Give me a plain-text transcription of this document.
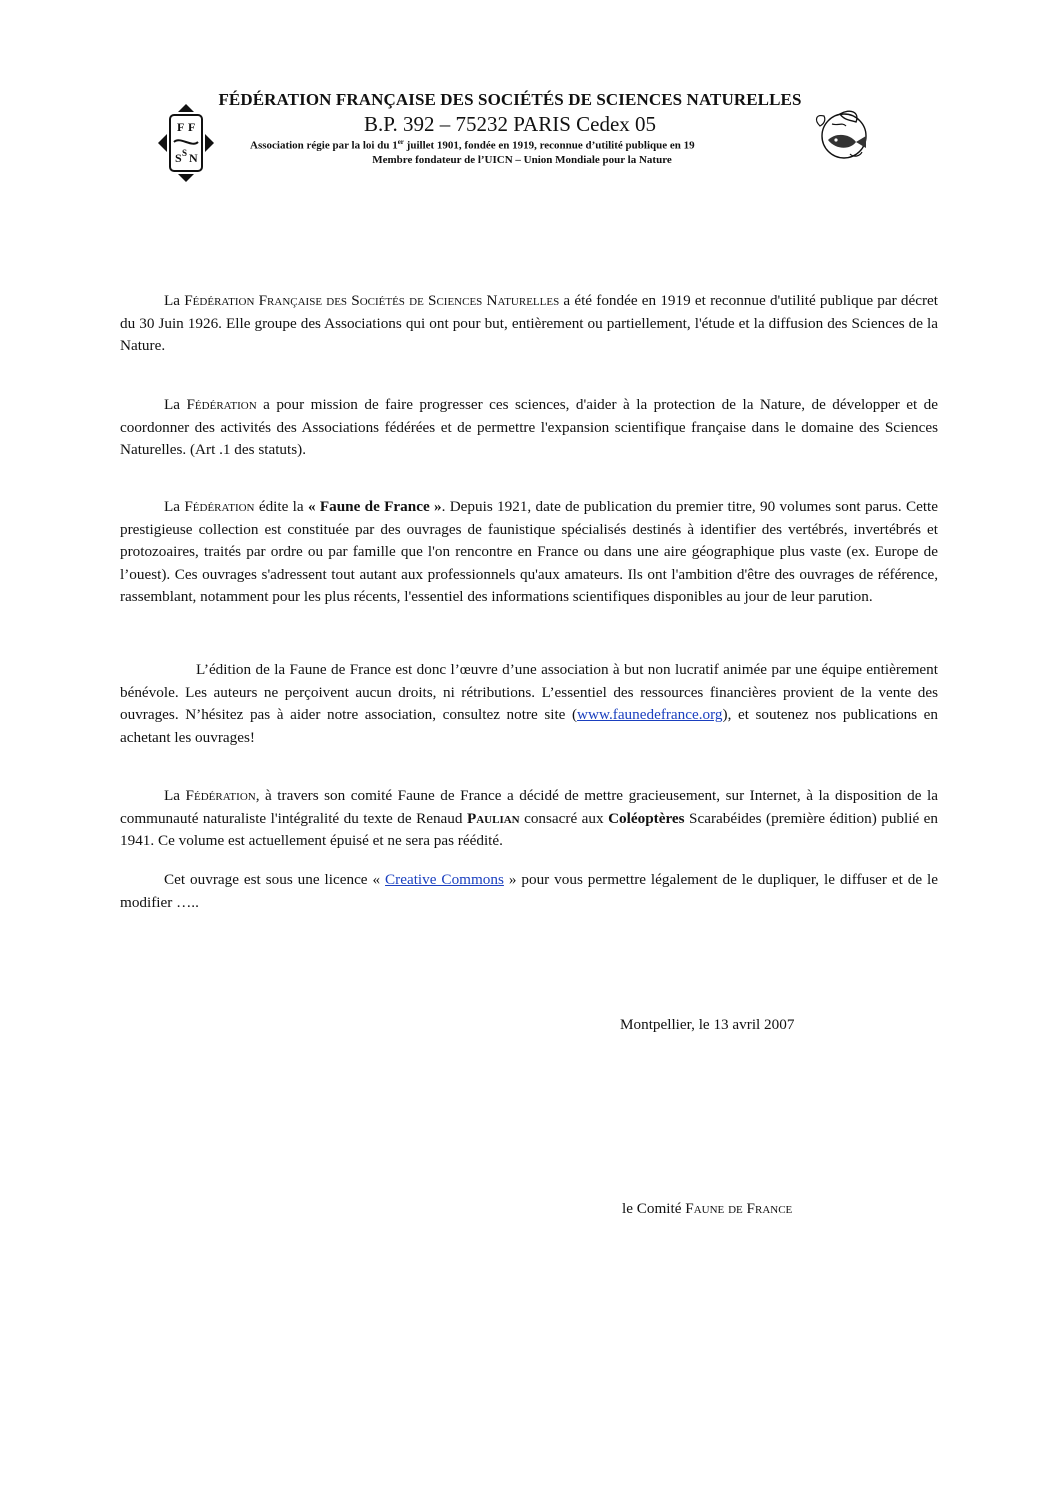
F F
S S N
FÉDÉRATION FRANÇAISE DES SOCIÉTÉS DE SCIENCES NATURELLES
B.P. 392 – 75232 PARIS Cedex 05
Association régie par la loi du 1er juillet 1901, fondée en 1919, reconnue d’utilité publique en 19
Membre fondateur de l’UICN – Union Mondiale pour la Nature

La Fédération Française des Sociétés de Sciences Naturelles a été fondée en 1919 et reconnue d'utilité publique par décret du 30 Juin 1926. Elle groupe des Associations qui ont pour but, entièrement ou partiellement, l'étude et la diffusion des Sciences de la Nature.

La Fédération a pour mission de faire progresser ces sciences, d'aider à la protection de la Nature, de développer et de coordonner des activités des Associations fédérées et de permettre l'expansion scientifique française dans le domaine des Sciences Naturelles. (Art .1 des statuts).

La Fédération édite la « Faune de France ». Depuis 1921, date de publication du premier titre, 90 volumes sont parus. Cette prestigieuse collection est constituée par des ouvrages de faunistique spécialisés destinés à identifier des vertébrés, invertébrés et protozoaires, traités par ordre ou par famille que l'on rencontre en France ou dans une aire géographique plus vaste (ex. Europe de l’ouest). Ces ouvrages s'adressent tout autant aux professionnels qu'aux amateurs. Ils ont l'ambition d'être des ouvrages de référence, rassemblant, notamment pour les plus récents, l'essentiel des informations scientifiques disponibles au jour de leur parution.

L’édition de la Faune de France est donc l’œuvre d’une association à but non lucratif animée par une équipe entièrement bénévole. Les auteurs ne perçoivent aucun droits, ni rétributions. L’essentiel des ressources financières provient de la vente des ouvrages. N’hésitez pas à aider notre association, consultez notre site (www.faunedefrance.org), et soutenez nos publications en achetant les ouvrages!

La Fédération, à travers son comité Faune de France a décidé de mettre gracieusement, sur Internet, à la disposition de la communauté naturaliste l'intégralité du texte de Renaud Paulian consacré aux Coléoptères Scarabéides (première édition) publié en 1941. Ce volume est actuellement épuisé et ne sera pas réédité.

Cet ouvrage est sous une licence « Creative Commons » pour vous permettre légalement de le dupliquer, le diffuser et de le modifier …..

Montpellier, le 13 avril 2007
le Comité Faune de France
